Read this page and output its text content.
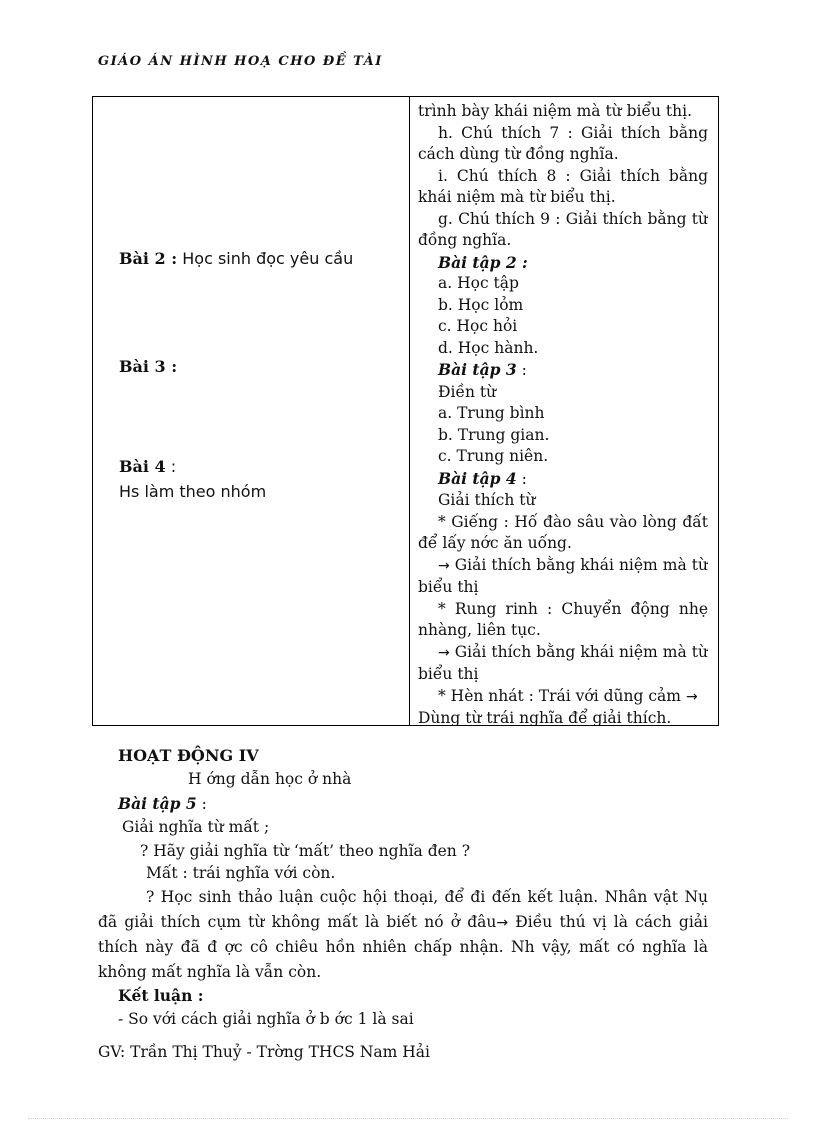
GIÁO ÁN HÌNH HOẠ CHO ĐỀ TÀI
Bài 2 : Học sinh đọc yêu cầu
Bài 3 :
Bài 4 :
Hs làm theo nhóm
trình bày khái niệm mà từ biểu thị.
h. Chú thích 7 : Giải thích bằng
cách dùng từ đồng nghĩa.
i. Chú thích 8 : Giải thích bằng
khái niệm mà từ biểu thị.
g. Chú thích 9 : Giải thích bằng từ
đồng nghĩa.
Bài tập 2 :
a. Học tập
b. Học lỏm
c. Học hỏi
d. Học hành.
Bài tập 3 :
Điền từ
a. Trung bình
b. Trung gian.
c. Trung niên.
Bài tập 4 :
Giải thích từ
* Giếng : Hố đào sâu vào lòng đất
để lấy nớc ăn uống.
→ Giải thích bằng khái niệm mà từ
biểu thị
* Rung rinh : Chuyển động nhẹ
nhàng, liên tục.
→ Giải thích bằng khái niệm mà từ
biểu thị
* Hèn nhát : Trái với dũng cảm →
Dùng từ trái nghĩa để giải thích.
HOẠT ĐỘNG IV
H ớng dẫn học ở nhà
Bài tập 5 :
Giải nghĩa từ mất ;
? Hãy giải nghĩa từ ‘mất’ theo nghĩa đen ?
Mất : trái nghĩa với còn.
? Học sinh thảo luận cuộc hội thoại, để đi đến kết luận. Nhân vật Nụ đã giải thích cụm từ không mất là biết nó ở đâu→ Điều thú vị là cách giải thích này đã đ ợc cô chiêu hồn nhiên chấp nhận. Nh vậy, mất có nghĩa là không mất nghĩa là vẫn còn.
Kết luận :
- So với cách giải nghĩa ở b ớc 1 là sai
GV: Trần Thị Thuỷ - Trờng THCS Nam Hải
